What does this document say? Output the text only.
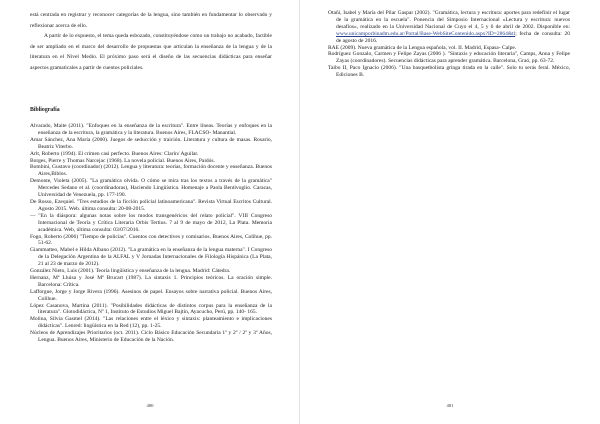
está centrada en registrar y reconocer categorías de la lengua, sino también en fundamentar lo observado y reflexionar acerca de ello.

A partir de lo expuesto, el tema queda esbozado, constituyéndose como un trabajo no acabado, factible de ser ampliado en el marco del desarrollo de propuestas que articulan la enseñanza de la lengua y de la literatura en el Nivel Medio. El próximo paso será el diseño de las secuencias didácticas para enseñar aspectos gramaticales a partir de cuentos policiales.

Bibliografía

Alvarado, Maite (2011). "Enfoques en la enseñanza de la escritura". Entre líneas. Teorías y enfoques en la enseñanza de la escritura, la gramática y la literatura. Buenos Aires, FLACSO- Manantial.

Amar Sánchez, Ana María (2000). Juegos de seducción y traición. Literatura y cultura de masas. Rosario, Beatriz Viterbo.

Arlt, Roberto (1994). El crimen casi perfecto. Buenos Aires: Clarín/ Aguilar.

Borges, Pierre y Thomas Narcejac (1968). La novela policial. Buenos Aires, Paidós.

Bombini, Gustavo (coordinador) (2012). Lengua y literatura: teorías, formación docente y enseñanza. Buenos Aires,Biblos.

Demonte, Violeta (2005). "La gramática olvida. O cómo se mira tras los textos a través de la gramática" Mercedes Sedano et al. (coordinadoras), Haciendo Lingüística. Homenaje a Paola Bentivoglio. Caracas, Universidad de Venezuela, pp. 177-190.

De Rosso, Ezequiel. "Tres estudios de la ficción policial latinoamericana". Revista Virtual Escritos Cultural. Agosto 2015. Web. última consulta: 20-08-2015.

— "En la diáspora: algunas notas sobre los modos transgenéricos del relato policial". VIII Congreso Internacional de Teoría y Crítica Literaria Orbis Tertius. 7 al 9 de mayo de 2012, La Plata. Memoria académica. Web, última consulta: 03/07/2016.

Fogo, Roberto (2006) "Tiempo de policías". Cuentos con detectives y comisarios. Buenos Aires, Colihue, pp. 51-62.

Giammatteo, Mabel e Hilda Albano (2012). "La gramática en la enseñanza de la lengua materna". I Congreso de la Delegación Argentina de la ALFAL y V Jornadas Internacionales de Filología Hispánica (La Plata, 21 al 23 de marzo de 2012).

González Nieto, Luis (2001). Teoría lingüística y enseñanza de la lengua. Madrid: Cátedra.

Hernanz, Mª Lluisa y José Mª Brucart (1987). La sintaxis 1. Principios teóricos. La oración simple. Barcelona: Crítica.

Lafforgue, Jorge y Jorge Rivera (1996). Asesinos de papel. Ensayos sobre narrativa policial. Buenos Aires, Colihue.

López Casanova, Martina (2011). "Posibilidades didácticas de distintos corpus para la enseñanza de la literatura". Glotodidáctica, Nº 1, Instituto de Estudios Miguel Bajtín, Ayacucho, Perú, pp. 140- 165.

Molina, Silvia Gasmel (2014). "Las relaciones entre el léxico y sintaxis: planteamiento e implicaciones didácticas". Lenred: lingüística en la Red (12), pp. 1-25.

Núcleos de Aprendizajes Prioritarios (oct. 2011). Ciclo Básico Educación Secundaria 1º y 2º / 2º y 3º Años, Lengua. Buenos Aires, Ministerio de Educación de la Nación.

480

Otañi, Isabel y María del Pilar Gaspar (2002). "Gramática, lectura y escritura: aportes para redefinir el lugar de la gramática en la escuela". Ponencia del Simposio Internacional «Lectura y escritura: nuevos desafíos», realizado en la Universidad Nacional de Cuyo el 4, 5 y 6 de abril de 2002. Disponible en: www.unicamporbinadm.edu.ar/Portal/Base-WebSiteContenido.aspx?ID=2864&tl; fecha de consulta: 20 de agosto de 2016.

RAE (2009). Nueva gramática de la Lengua española, vol. II. Madrid, Espasa- Calpe.

Rodríguez Gonzalo, Carmen y Felipe Zayas (2006 ). "Sintaxis y educación literaria", Camps, Anna y Felipe Zayas (coordinadores). Secuencias didácticas para aprender gramática. Barcelona, Graó, pp. 63-72.

Taibo II, Paco Ignacio (2006). "Una basquetbolista gringa tirada en la calle". Solo tu serás feral. México, Ediciones B.

481
